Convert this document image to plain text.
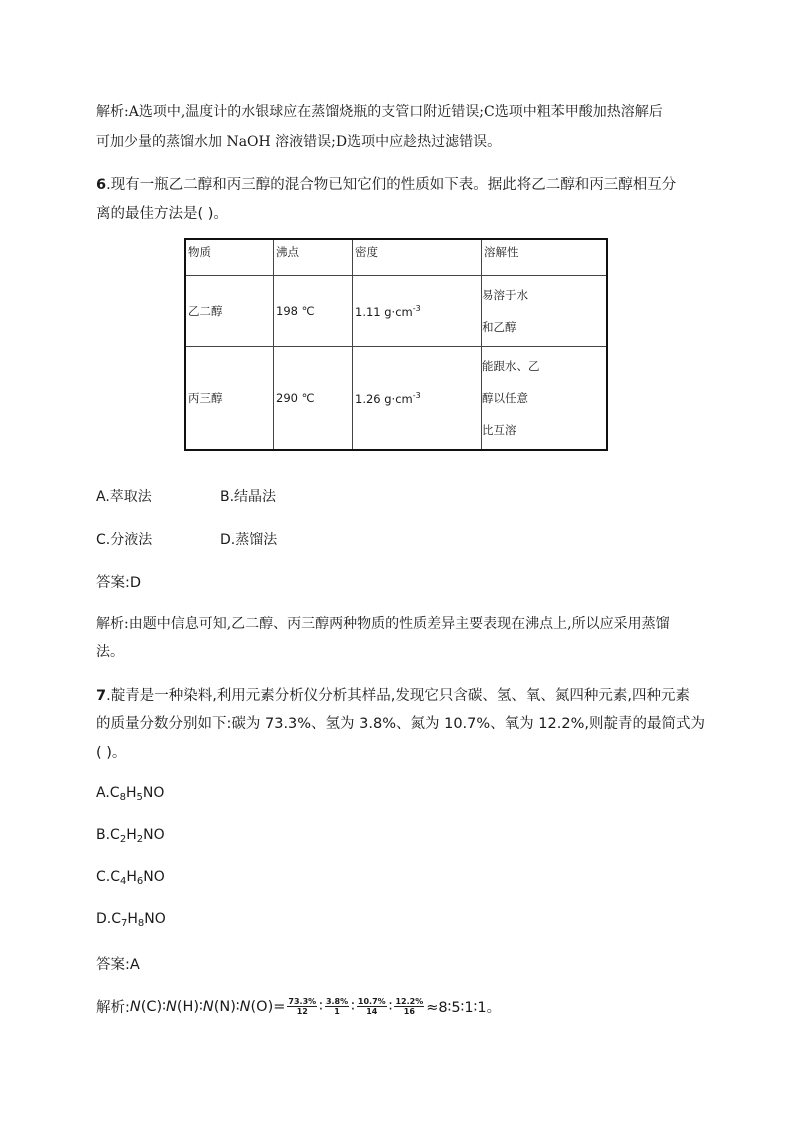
解析:A选项中,温度计的水银球应在蒸馏烧瓶的支管口附近错误;C选项中粗苯甲酸加热溶解后
可加少量的蒸馏水加 NaOH 溶液错误;D选项中应趁热过滤错误。
6.现有一瓶乙二醇和丙三醇的混合物已知它们的性质如下表。据此将乙二醇和丙三醇相互分
离的最佳方法是( )。
物质	沸点	密度	溶解性
乙二醇	198 ℃	1.11 $g\cdot cm^{-3}$	易溶于水
和乙醇

丙三醇	290 ℃	1.26 $g\cdot cm^{-3}$	能跟水、乙
醇以任意
比互溶
A.萃取法	B.结晶法
C.分液法	D.蒸馏法
答案:D
解析:由题中信息可知,乙二醇、丙三醇两种物质的性质差异主要表现在沸点上,所以应采用蒸馏
法。
7.靛青是一种染料,利用元素分析仪分析其样品,发现它只含碳、氢、氧、氮四种元素,四种元素
的质量分数分别如下:碳为 73.3%、氢为 3.8%、氮为 10.7%、氧为 12.2%,则靛青的最简式为
( )。
$A.C_8H_5NO$
$B.C_2H_2NO$
$C.C_4H_6NO$
$D.C_7H_8NO$
答案:A
解析: N (C) ∶ N (H) ∶ N (N) ∶ N $(O) = \frac{73.3\%}{12}$ ∶ $\frac{3.8\%}{1}$ ∶ $\frac{10.7\%}{14}$ ∶ $\frac{12.2\%}{16}$ ≈8∶5∶1∶1。
